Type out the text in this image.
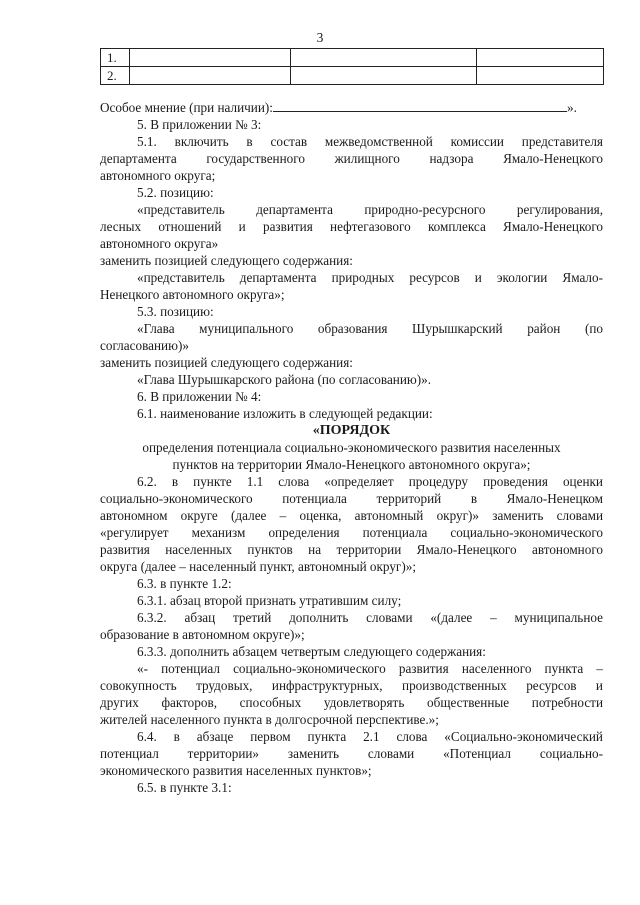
3
1.			
2.			
Особое мнение (при наличии):	».
5. В приложении № 3:
5.1. включить в состав межведомственной комиссии представителя
департамента государственного жилищного надзора Ямало-Ненецкого
автономного округа;
5.2. позицию:
«представитель департамента природно-ресурсного регулирования,
лесных отношений и развития нефтегазового комплекса Ямало-Ненецкого
автономного округа»
заменить позицией следующего содержания:
«представитель департамента природных ресурсов и экологии Ямало-
Ненецкого автономного округа»;
5.3. позицию:
«Глава муниципального образования Шурышкарский район (по
согласованию)»
заменить позицией следующего содержания:
«Глава Шурышкарского района (по согласованию)».
6. В приложении № 4:
6.1. наименование изложить в следующей редакции:
«ПОРЯДОК
определения потенциала социально-экономического развития населенных
пунктов на территории Ямало-Ненецкого автономного округа»;
6.2. в пункте 1.1 слова «определяет процедуру проведения оценки
социально-экономического потенциала территорий в Ямало-Ненецком
автономном округе (далее – оценка, автономный округ)» заменить словами
«регулирует механизм определения потенциала социально-экономического
развития населенных пунктов на территории Ямало-Ненецкого автономного
округа (далее – населенный пункт, автономный округ)»;
6.3. в пункте 1.2:
6.3.1. абзац второй признать утратившим силу;
6.3.2. абзац третий дополнить словами «(далее – муниципальное
образование в автономном округе)»;
6.3.3. дополнить абзацем четвертым следующего содержания:
«- потенциал социально-экономического развития населенного пункта –
совокупность трудовых, инфраструктурных, производственных ресурсов и
других факторов, способных удовлетворять общественные потребности
жителей населенного пункта в долгосрочной перспективе.»;
6.4. в абзаце первом пункта 2.1 слова «Социально-экономический
потенциал территории» заменить словами «Потенциал социально-
экономического развития населенных пунктов»;
6.5. в пункте 3.1:
